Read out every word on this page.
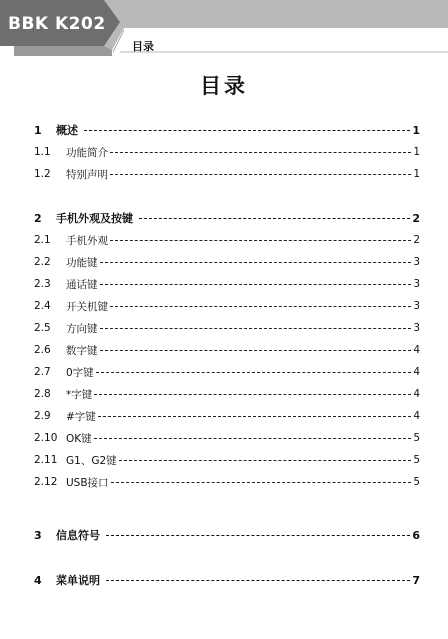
BBK K202
目录
目录
1	概述	1
1.1	功能简介	1
1.2	特别声明	1
2	手机外观及按键	2
2.1	手机外观	2
2.2	功能键	3
2.3	通话键	3
2.4	开关机键	3
2.5	方向键	3
2.6	数字键	4
2.7	0字键	4
2.8	*字键	4
2.9	#字键	4
2.10 OK键	5
2.11 G1、G2键	5
2.12 USB接口	5
3	信息符号	6
4	菜单说明	7
